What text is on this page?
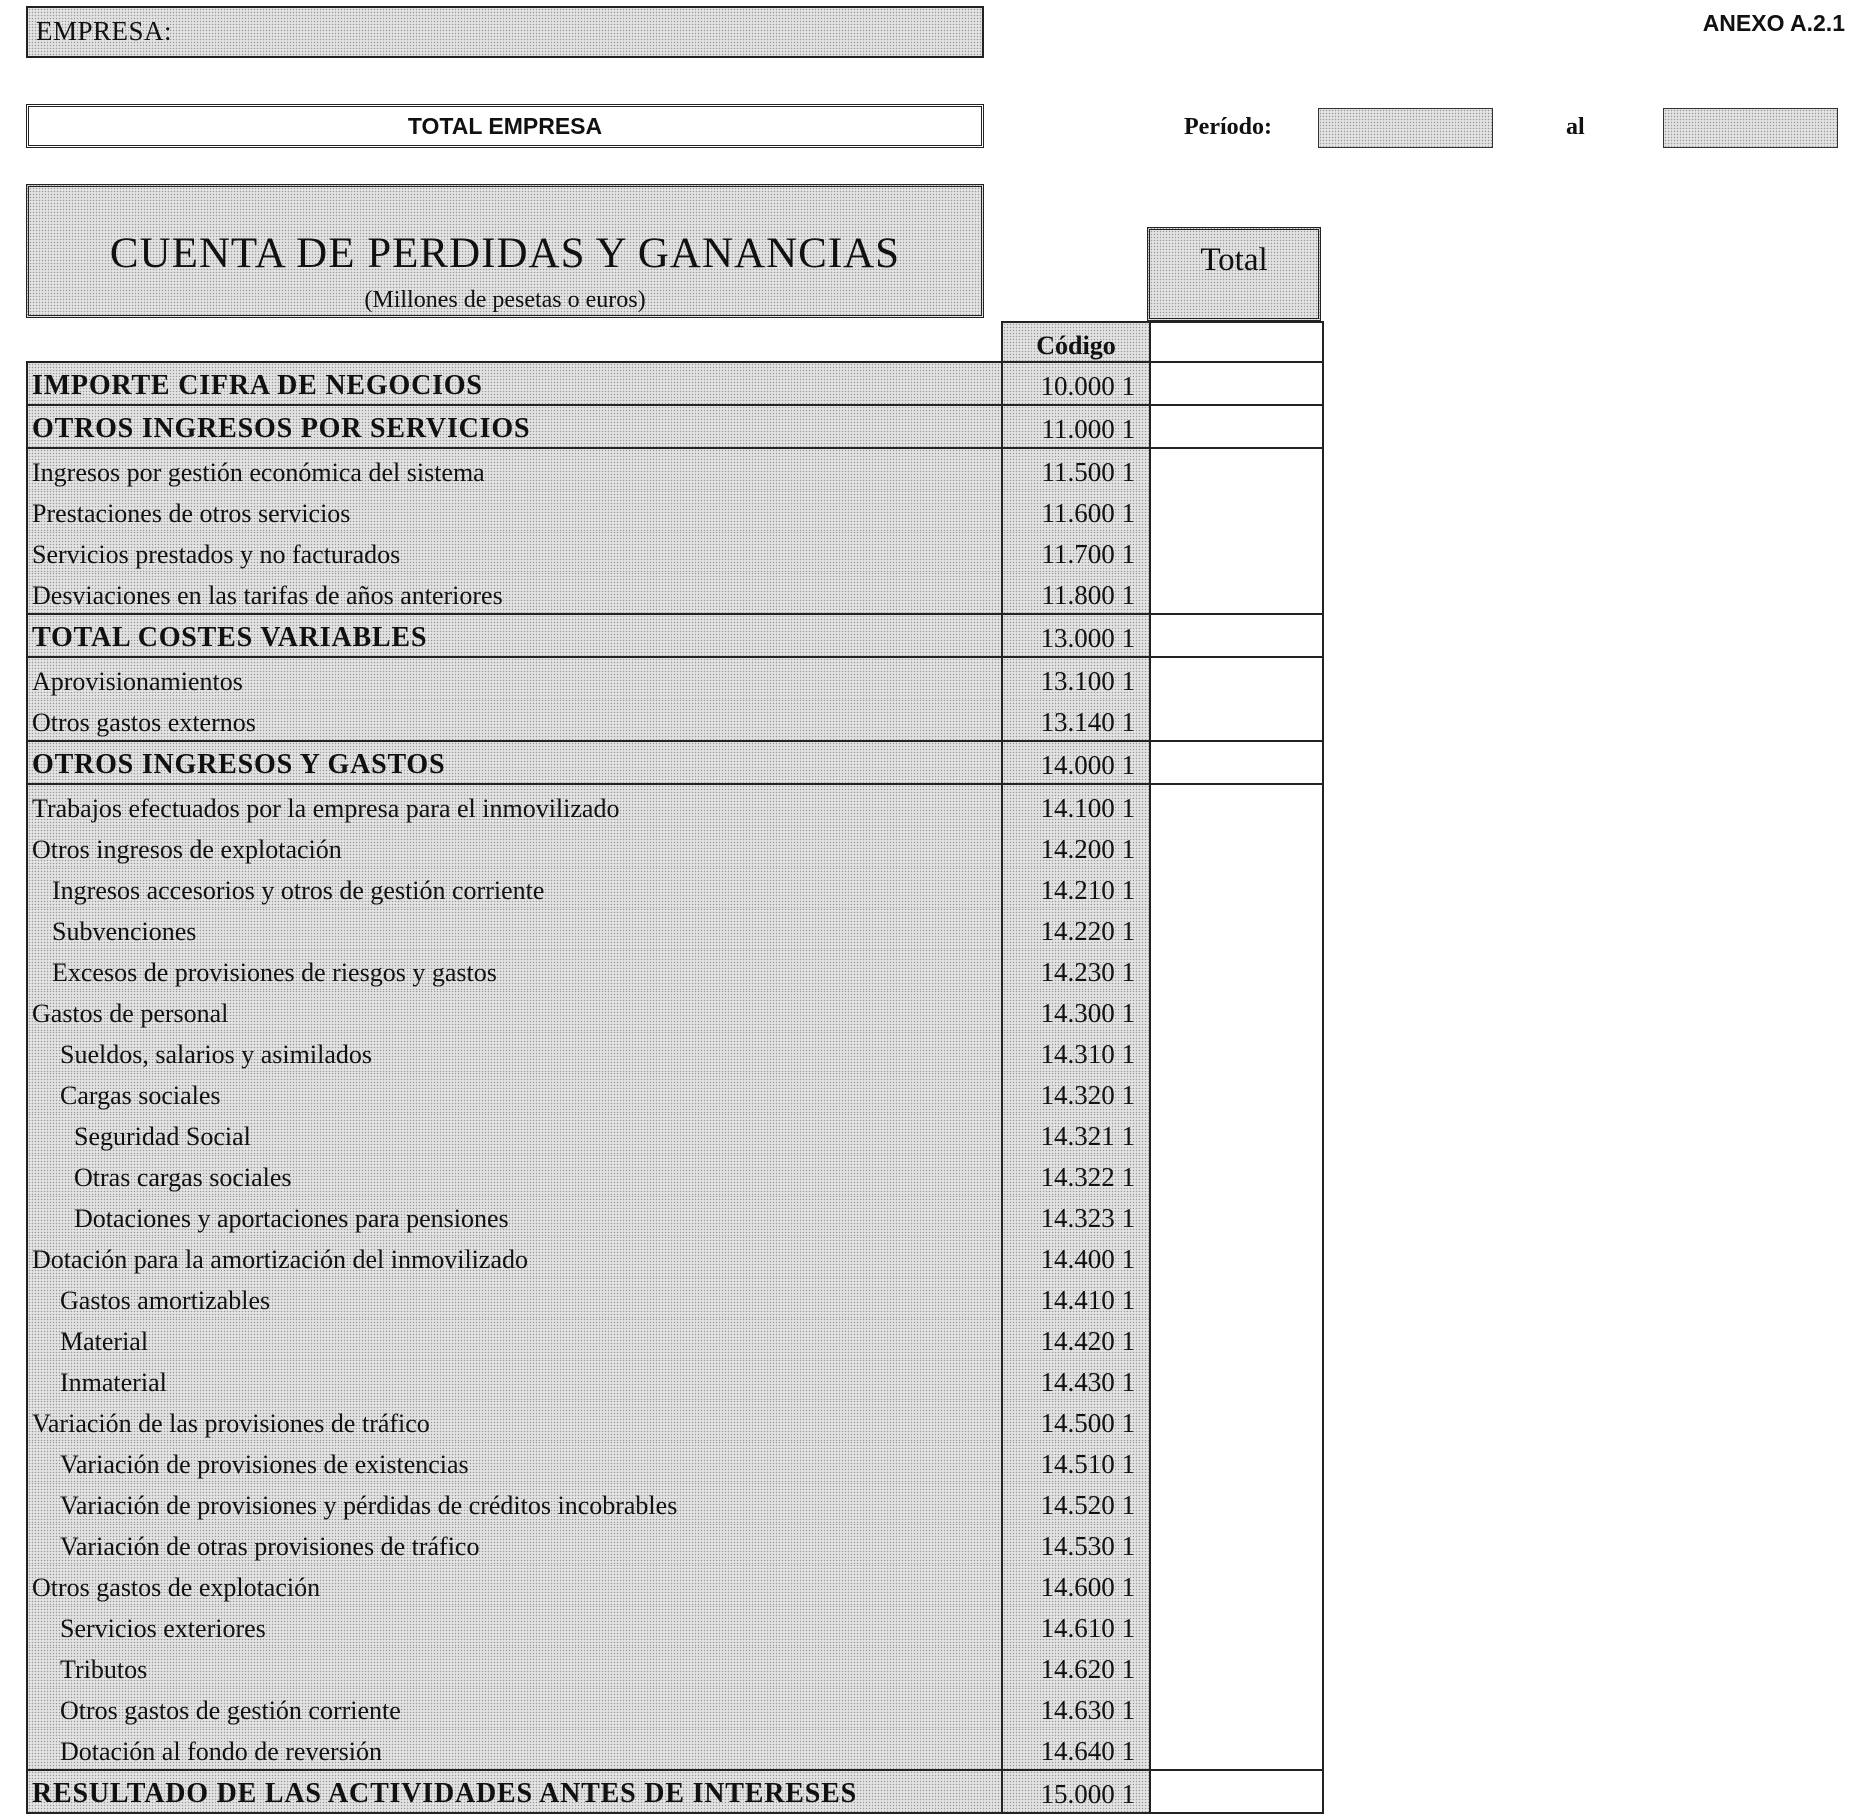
EMPRESA:	ANEXO A.2.1
TOTAL EMPRESA	Período:	al
CUENTA DE PERDIDAS Y GANANCIAS
(Millones de pesetas o euros)
Total
	Código	
IMPORTE CIFRA DE NEGOCIOS	10.000 1	
OTROS INGRESOS POR SERVICIOS	11.000 1	
Ingresos por gestión económica del sistema	11.500 1	
Prestaciones de otros servicios	11.600 1	
Servicios prestados y no facturados	11.700 1	
Desviaciones en las tarifas de años anteriores	11.800 1	
TOTAL COSTES VARIABLES	13.000 1	
Aprovisionamientos	13.100 1	
Otros gastos externos	13.140 1	
OTROS INGRESOS Y GASTOS	14.000 1	
Trabajos efectuados por la empresa para el inmovilizado	14.100 1	
Otros ingresos de explotación	14.200 1	
Ingresos accesorios y otros de gestión corriente	14.210 1	
Subvenciones	14.220 1	
Excesos de provisiones de riesgos y gastos	14.230 1	
Gastos de personal	14.300 1	
Sueldos, salarios y asimilados	14.310 1	
Cargas sociales	14.320 1	
Seguridad Social	14.321 1	
Otras cargas sociales	14.322 1	
Dotaciones y aportaciones para pensiones	14.323 1	
Dotación para la amortización del inmovilizado	14.400 1	
Gastos amortizables	14.410 1	
Material	14.420 1	
Inmaterial	14.430 1	
Variación de las provisiones de tráfico	14.500 1	
Variación de provisiones de existencias	14.510 1	
Variación de provisiones y pérdidas de créditos incobrables	14.520 1	
Variación de otras provisiones de tráfico	14.530 1	
Otros gastos de explotación	14.600 1	
Servicios exteriores	14.610 1	
Tributos	14.620 1	
Otros gastos de gestión corriente	14.630 1	
Dotación al fondo de reversión	14.640 1	
RESULTADO DE LAS ACTIVIDADES ANTES DE INTERESES	15.000 1	
